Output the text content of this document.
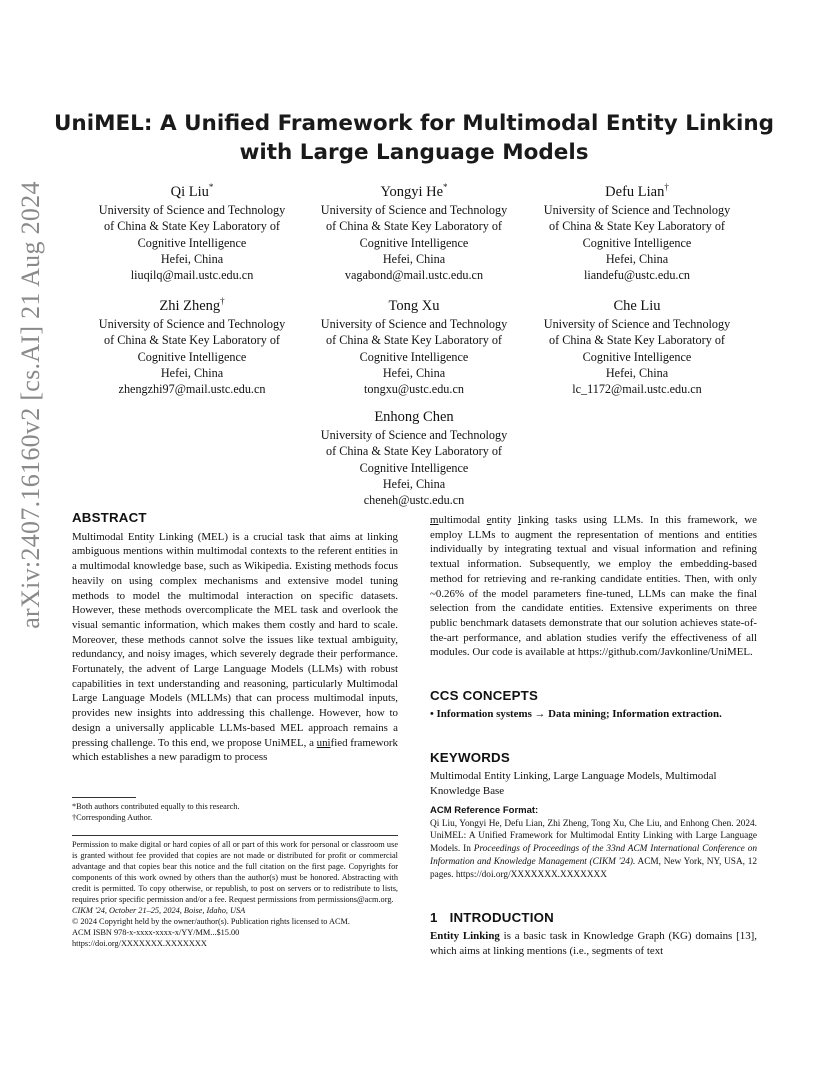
arXiv:2407.16160v2 [cs.AI] 21 Aug 2024
UniMEL: A Unified Framework for Multimodal Entity Linking
with Large Language Models
Qi Liu*
University of Science and Technology
of China & State Key Laboratory of
Cognitive Intelligence
Hefei, China
liuqilq@mail.ustc.edu.cn
Yongyi He*
University of Science and Technology
of China & State Key Laboratory of
Cognitive Intelligence
Hefei, China
vagabond@mail.ustc.edu.cn
Defu Lian†
University of Science and Technology
of China & State Key Laboratory of
Cognitive Intelligence
Hefei, China
liandefu@ustc.edu.cn
Zhi Zheng†
University of Science and Technology
of China & State Key Laboratory of
Cognitive Intelligence
Hefei, China
zhengzhi97@mail.ustc.edu.cn
Tong Xu
University of Science and Technology
of China & State Key Laboratory of
Cognitive Intelligence
Hefei, China
tongxu@ustc.edu.cn
Che Liu
University of Science and Technology
of China & State Key Laboratory of
Cognitive Intelligence
Hefei, China
lc_1172@mail.ustc.edu.cn
Enhong Chen
University of Science and Technology
of China & State Key Laboratory of
Cognitive Intelligence
Hefei, China
cheneh@ustc.edu.cn
ABSTRACT

Multimodal Entity Linking (MEL) is a crucial task that aims at linking ambiguous mentions within multimodal contexts to the referent entities in a multimodal knowledge base, such as Wikipedia. Existing methods focus heavily on using complex mechanisms and extensive model tuning methods to model the multimodal interaction on specific datasets. However, these methods overcomplicate the MEL task and overlook the visual semantic information, which makes them costly and hard to scale. Moreover, these methods cannot solve the issues like textual ambiguity, redundancy, and noisy images, which severely degrade their performance. Fortunately, the advent of Large Language Models (LLMs) with robust capabilities in text understanding and reasoning, particularly Multimodal Large Language Models (MLLMs) that can process multimodal inputs, provides new insights into addressing this challenge. However, how to design a universally applicable LLMs-based MEL approach remains a pressing challenge. To this end, we propose UniMEL, a unified framework which establishes a new paradigm to process

*Both authors contributed equally to this research.
†Corresponding Author.
Permission to make digital or hard copies of all or part of this work for personal or classroom use is granted without fee provided that copies are not made or distributed for profit or commercial advantage and that copies bear this notice and the full citation on the first page. Copyrights for components of this work owned by others than the author(s) must be honored. Abstracting with credit is permitted. To copy otherwise, or republish, to post on servers or to redistribute to lists, requires prior specific permission and/or a fee. Request permissions from permissions@acm.org.
CIKM '24, October 21–25, 2024, Boise, Idaho, USA
© 2024 Copyright held by the owner/author(s). Publication rights licensed to ACM.
ACM ISBN 978-x-xxxx-xxxx-x/YY/MM...$15.00
https://doi.org/XXXXXXX.XXXXXXX

multimodal entity linking tasks using LLMs. In this framework, we employ LLMs to augment the representation of mentions and entities individually by integrating textual and visual information and refining textual information. Subsequently, we employ the embedding-based method for retrieving and re-ranking candidate entities. Then, with only ~0.26% of the model parameters fine-tuned, LLMs can make the final selection from the candidate entities. Extensive experiments on three public benchmark datasets demonstrate that our solution achieves state-of-the-art performance, and ablation studies verify the effectiveness of all modules. Our code is available at https://github.com/Javkonline/UniMEL.

CCS CONCEPTS

• Information systems → Data mining; Information extraction.

KEYWORDS

Multimodal Entity Linking, Large Language Models, Multimodal Knowledge Base

ACM Reference Format:

Qi Liu, Yongyi He, Defu Lian, Zhi Zheng, Tong Xu, Che Liu, and Enhong Chen. 2024. UniMEL: A Unified Framework for Multimodal Entity Linking with Large Language Models. In Proceedings of Proceedings of the 33nd ACM International Conference on Information and Knowledge Management (CIKM '24). ACM, New York, NY, USA, 12 pages. https://doi.org/XXXXXXX.XXXXXXX

1 INTRODUCTION

Entity Linking is a basic task in Knowledge Graph (KG) domains [13], which aims at linking mentions (i.e., segments of text
